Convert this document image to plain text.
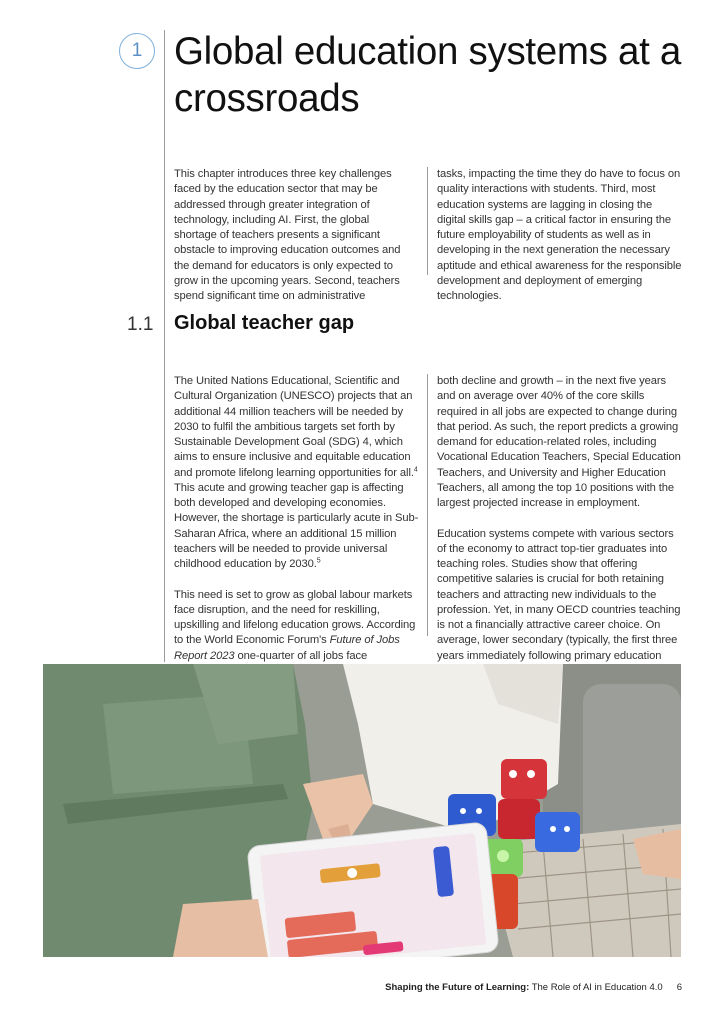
1 Global education systems at a crossroads

This chapter introduces three key challenges faced by the education sector that may be addressed through greater integration of technology, including AI. First, the global shortage of teachers presents a significant obstacle to improving education outcomes and the demand for educators is only expected to grow in the upcoming years. Second, teachers spend significant time on administrative

tasks, impacting the time they do have to focus on quality interactions with students. Third, most education systems are lagging in closing the digital skills gap – a critical factor in ensuring the future employability of students as well as in developing in the next generation the necessary aptitude and ethical awareness for the responsible development and deployment of emerging technologies.

1.1 Global teacher gap

The United Nations Educational, Scientific and Cultural Organization (UNESCO) projects that an additional 44 million teachers will be needed by 2030 to fulfil the ambitious targets set forth by Sustainable Development Goal (SDG) 4, which aims to ensure inclusive and equitable education and promote lifelong learning opportunities for all.$^4$ This acute and growing teacher gap is affecting both developed and developing economies. However, the shortage is particularly acute in Sub-Saharan Africa, where an additional 15 million teachers will be needed to provide universal childhood education by 2030.$^5$

This need is set to grow as global labour markets face disruption, and the need for reskilling, upskilling and lifelong education grows. According to the World Economic Forum's Future of Jobs Report 2023 one-quarter of all jobs face

both decline and growth – in the next five years and on average over 40% of the core skills required in all jobs are expected to change during that period. As such, the report predicts a growing demand for education-related roles, including Vocational Education Teachers, Special Education Teachers, and University and Higher Education Teachers, all among the top 10 positions with the largest projected increase in employment.

Education systems compete with various sectors of the economy to attract top-tier graduates into teaching roles. Studies show that offering competitive salaries is crucial for both retaining teachers and attracting new individuals to the profession. Yet, in many OECD countries teaching is not a financially attractive career choice. On average, lower secondary (typically, the first three years immediately following primary education

Shaping the Future of Learning: The Role of AI in Education 4.0 6
